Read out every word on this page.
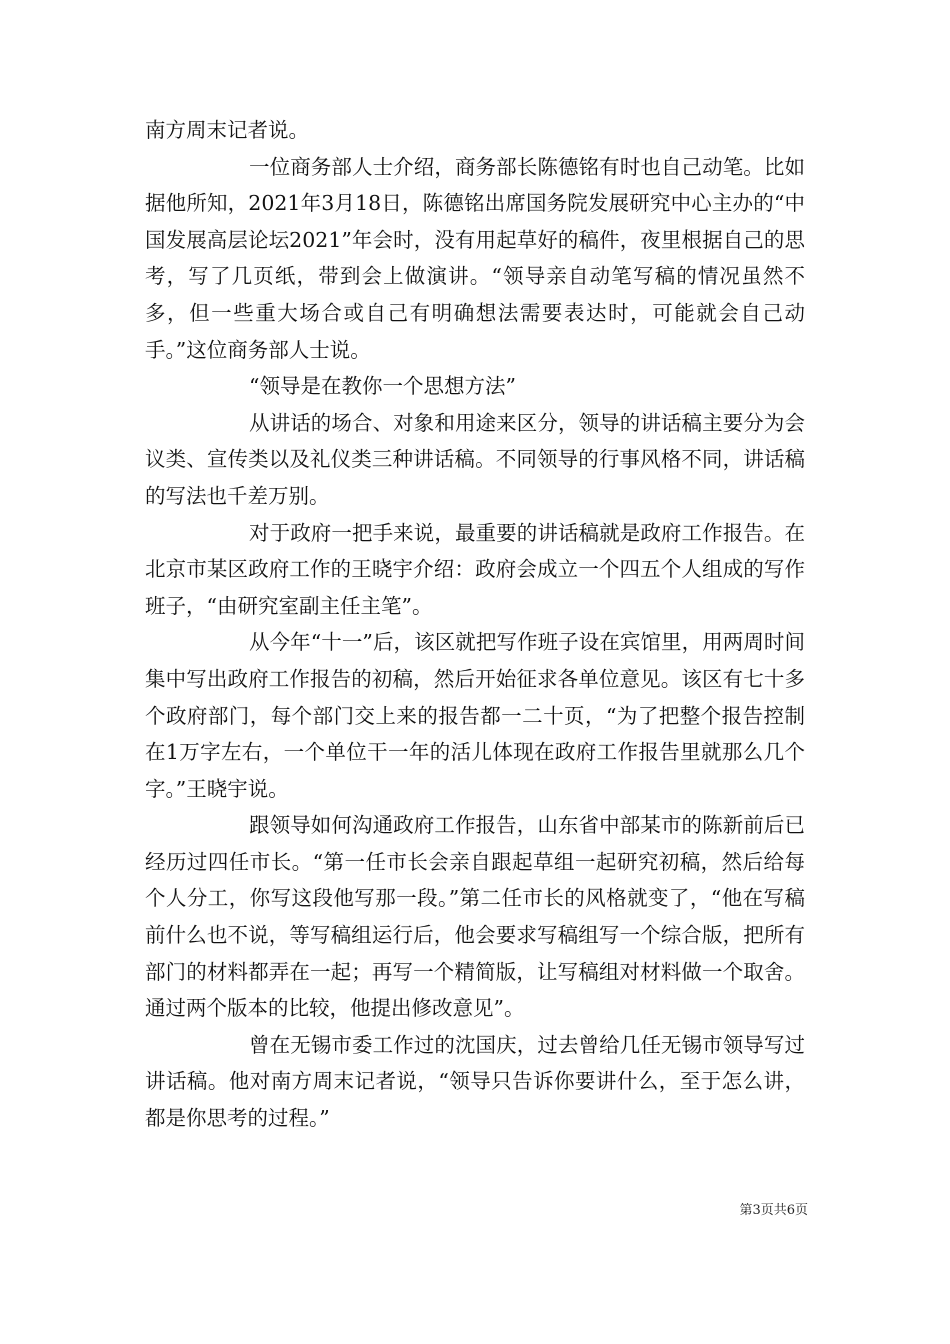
南方周末记者说。

一位商务部人士介绍，商务部长陈德铭有时也自己动笔。比如据他所知，2021年3月18日，陈德铭出席国务院发展研究中心主办的“中国发展高层论坛2021”年会时，没有用起草好的稿件，夜里根据自己的思考，写了几页纸，带到会上做演讲。“领导亲自动笔写稿的情况虽然不多，但一些重大场合或自己有明确想法需要表达时，可能就会自己动手。”这位商务部人士说。

“领导是在教你一个思想方法”

从讲话的场合、对象和用途来区分，领导的讲话稿主要分为会议类、宣传类以及礼仪类三种讲话稿。不同领导的行事风格不同，讲话稿的写法也千差万别。

对于政府一把手来说，最重要的讲话稿就是政府工作报告。在北京市某区政府工作的王晓宇介绍：政府会成立一个四五个人组成的写作班子，“由研究室副主任主笔”。

从今年“十一”后，该区就把写作班子设在宾馆里，用两周时间集中写出政府工作报告的初稿，然后开始征求各单位意见。该区有七十多个政府部门，每个部门交上来的报告都一二十页，“为了把整个报告控制在1万字左右，一个单位干一年的活儿体现在政府工作报告里就那么几个字。”王晓宇说。

跟领导如何沟通政府工作报告，山东省中部某市的陈新前后已经历过四任市长。“第一任市长会亲自跟起草组一起研究初稿，然后给每个人分工，你写这段他写那一段。”第二任市长的风格就变了，“他在写稿前什么也不说，等写稿组运行后，他会要求写稿组写一个综合版，把所有部门的材料都弄在一起；再写一个精简版，让写稿组对材料做一个取舍。通过两个版本的比较，他提出修改意见”。

曾在无锡市委工作过的沈国庆，过去曾给几任无锡市领导写过讲话稿。他对南方周末记者说，“领导只告诉你要讲什么，至于怎么讲，都是你思考的过程。”

第3页共6页
